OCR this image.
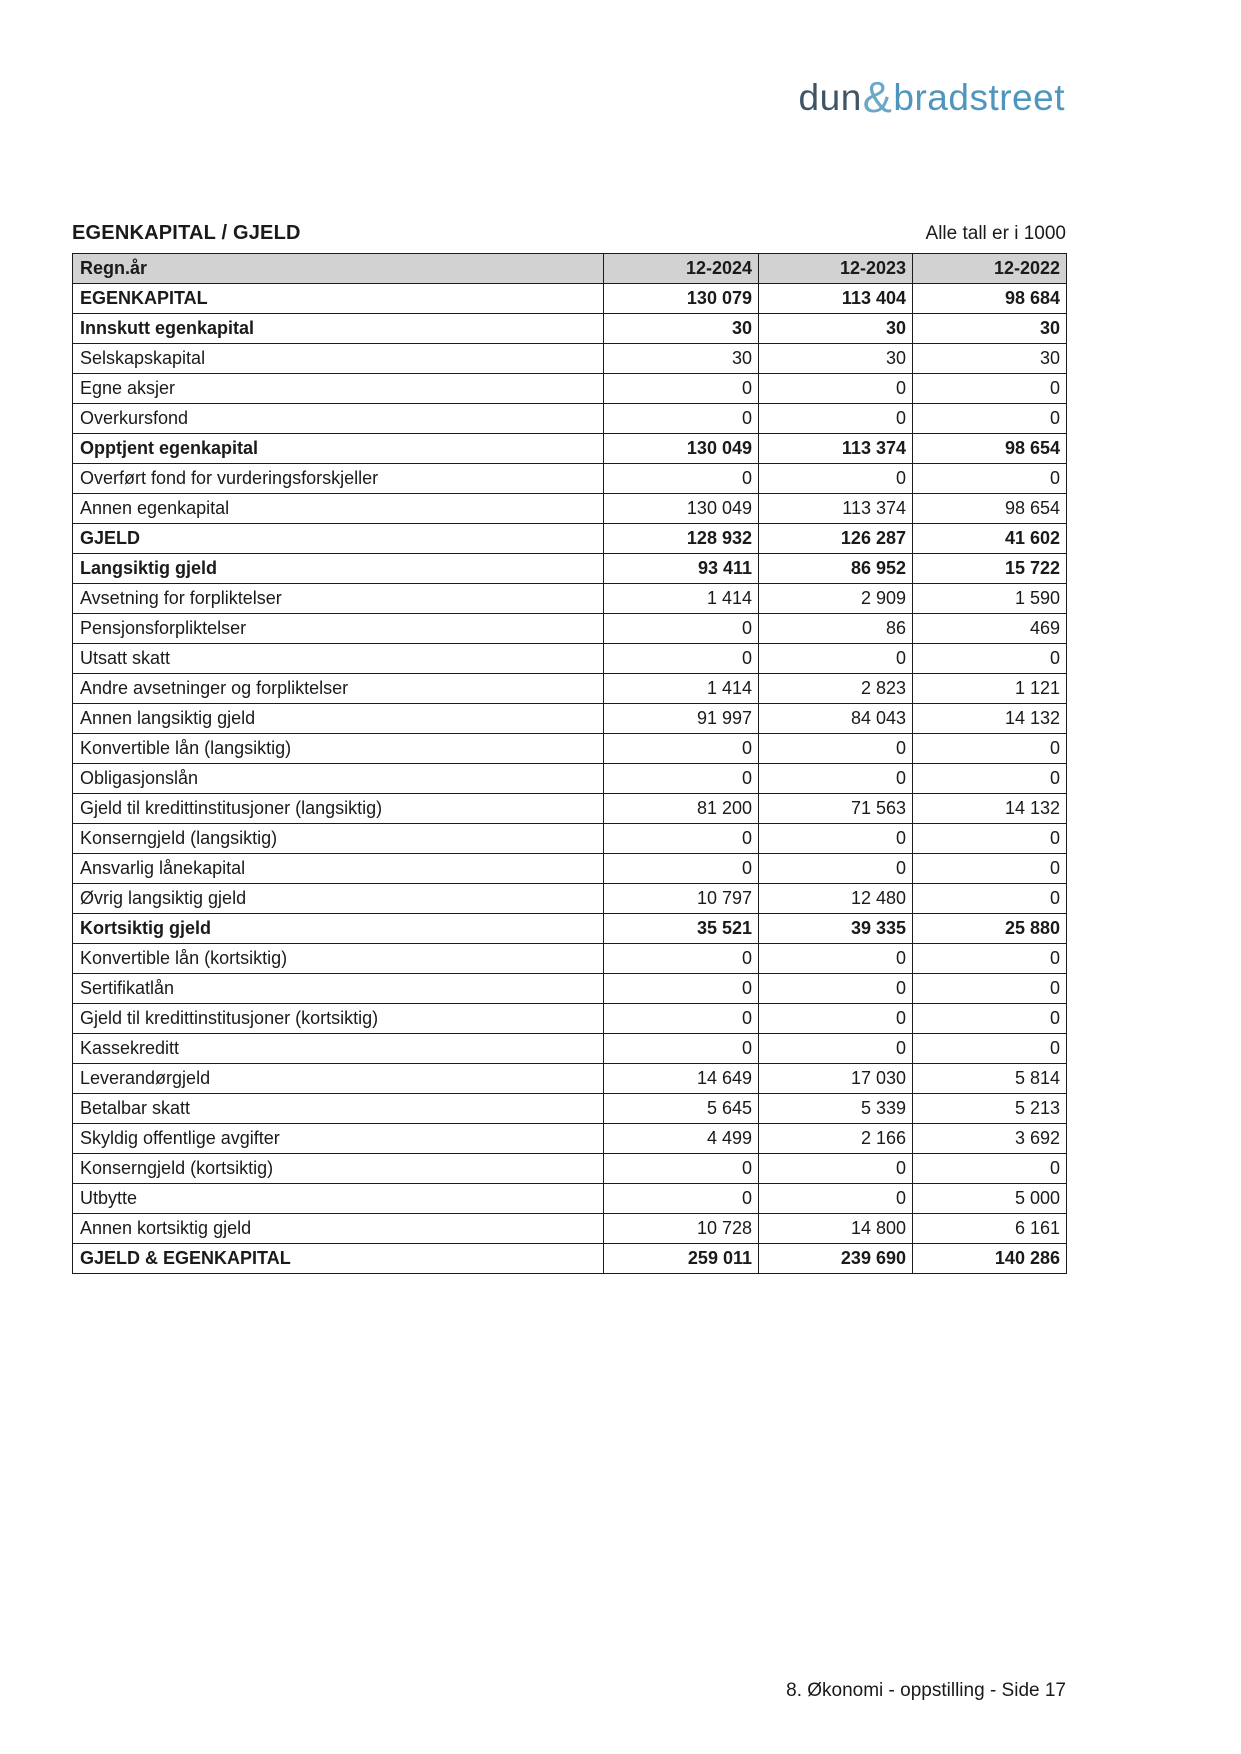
dun&bradstreet
EGENKAPITAL / GJELD	Alle tall er i 1000
Regn.år	12-2024	12-2023	12-2022
EGENKAPITAL	130 079	113 404	98 684
Innskutt egenkapital	30	30	30
Selskapskapital	30	30	30
Egne aksjer	0	0	0
Overkursfond	0	0	0
Opptjent egenkapital	130 049	113 374	98 654
Overført fond for vurderingsforskjeller	0	0	0
Annen egenkapital	130 049	113 374	98 654
GJELD	128 932	126 287	41 602
Langsiktig gjeld	93 411	86 952	15 722
Avsetning for forpliktelser	1 414	2 909	1 590
Pensjonsforpliktelser	0	86	469
Utsatt skatt	0	0	0
Andre avsetninger og forpliktelser	1 414	2 823	1 121
Annen langsiktig gjeld	91 997	84 043	14 132
Konvertible lån (langsiktig)	0	0	0
Obligasjonslån	0	0	0
Gjeld til kredittinstitusjoner (langsiktig)	81 200	71 563	14 132
Konserngjeld (langsiktig)	0	0	0
Ansvarlig lånekapital	0	0	0
Øvrig langsiktig gjeld	10 797	12 480	0
Kortsiktig gjeld	35 521	39 335	25 880
Konvertible lån (kortsiktig)	0	0	0
Sertifikatlån	0	0	0
Gjeld til kredittinstitusjoner (kortsiktig)	0	0	0
Kassekreditt	0	0	0
Leverandørgjeld	14 649	17 030	5 814
Betalbar skatt	5 645	5 339	5 213
Skyldig offentlige avgifter	4 499	2 166	3 692
Konserngjeld (kortsiktig)	0	0	0
Utbytte	0	0	5 000
Annen kortsiktig gjeld	10 728	14 800	6 161
GJELD & EGENKAPITAL	259 011	239 690	140 286
8. Økonomi - oppstilling - Side 17
